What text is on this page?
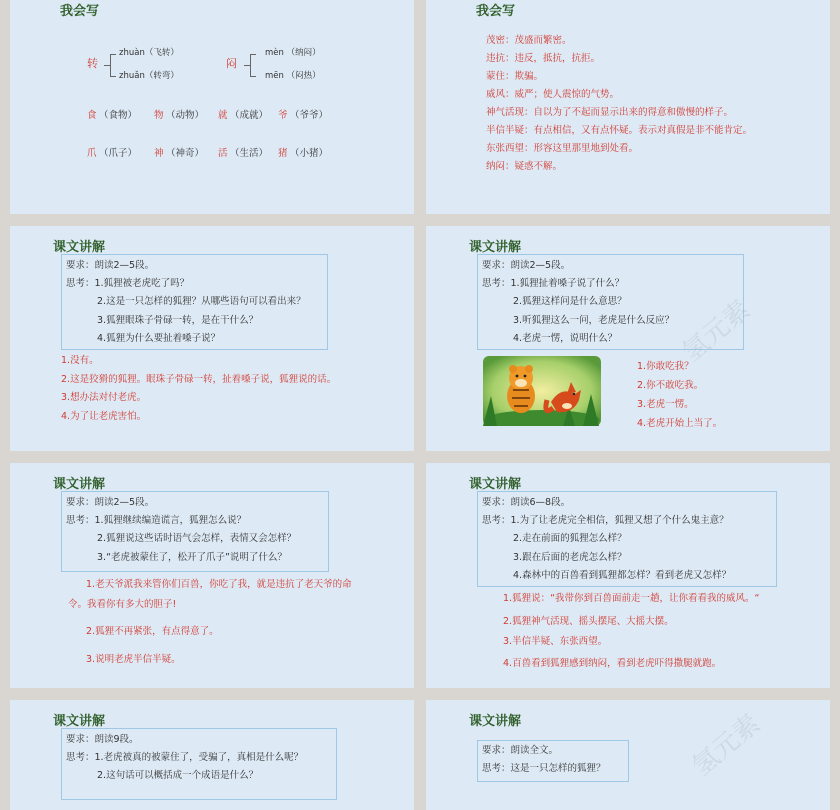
我会写
转
zhuàn（飞转）
zhuǎn（转弯）
闷
mèn （纳闷）
mēn （闷热）
食 （食物） 物 （动物） 就 （成就） 爷 （爷爷）
爪 （爪子） 神 （神奇） 活 （生活） 猪 （小猪）
我会写
茂密：茂盛而繁密。
违抗：违反，抵抗，抗拒。
蒙住：欺骗。
威风：威严；使人震惊的气势。
神气活现：自以为了不起而显示出来的得意和傲慢的样子。
半信半疑：有点相信，又有点怀疑。表示对真假是非不能肯定。
东张西望：形容这里那里地到处看。
纳闷：疑惑不解。
课文讲解
要求：朗读2—5段。
思考：1.狐狸被老虎吃了吗？
2.这是一只怎样的狐狸？从哪些语句可以看出来？
3.狐狸眼珠子骨碌一转，是在干什么？
4.狐狸为什么要扯着嗓子说？
1.没有。
2.这是狡猾的狐狸。眼珠子骨碌一转，扯着嗓子说，狐狸说的话。
3.想办法对付老虎。
4.为了让老虎害怕。
课文讲解
要求：朗读2—5段。
思考：1.狐狸扯着嗓子说了什么？
2.狐狸这样问是什么意思？
3.听狐狸这么一问，老虎是什么反应？
4.老虎一愣，说明什么？
1.你敢吃我？
2.你不敢吃我。
3.老虎一愣。
4.老虎开始上当了。
氢元素
课文讲解
要求：朗读2—5段。
思考：1.狐狸继续编造谎言，狐狸怎么说？
2.狐狸说这些话时语气会怎样，表情又会怎样？
3.“老虎被蒙住了，松开了爪子”说明了什么？
1.老天爷派我来管你们百兽，你吃了我，就是违抗了老天爷的命
令。我看你有多大的胆子!
2.狐狸不再紧张，有点得意了。
3.说明老虎半信半疑。
课文讲解
要求：朗读6—8段。
思考：1.为了让老虎完全相信，狐狸又想了个什么鬼主意？
2.走在前面的狐狸怎么样？
3.跟在后面的老虎怎么样？
4.森林中的百兽看到狐狸都怎样？看到老虎又怎样？
1.狐狸说：“我带你到百兽面前走一趟，让你看看我的威风。“
2.狐狸神气活现、摇头摆尾、大摇大摆。
3.半信半疑、东张西望。
4.百兽看到狐狸感到纳闷，看到老虎吓得撒腿就跑。
课文讲解
要求：朗读9段。
思考：1.老虎被真的被蒙住了，受骗了，真相是什么呢？
2.这句话可以概括成一个成语是什么？
课文讲解
要求：朗读全文。
思考：这是一只怎样的狐狸？	氢元素
